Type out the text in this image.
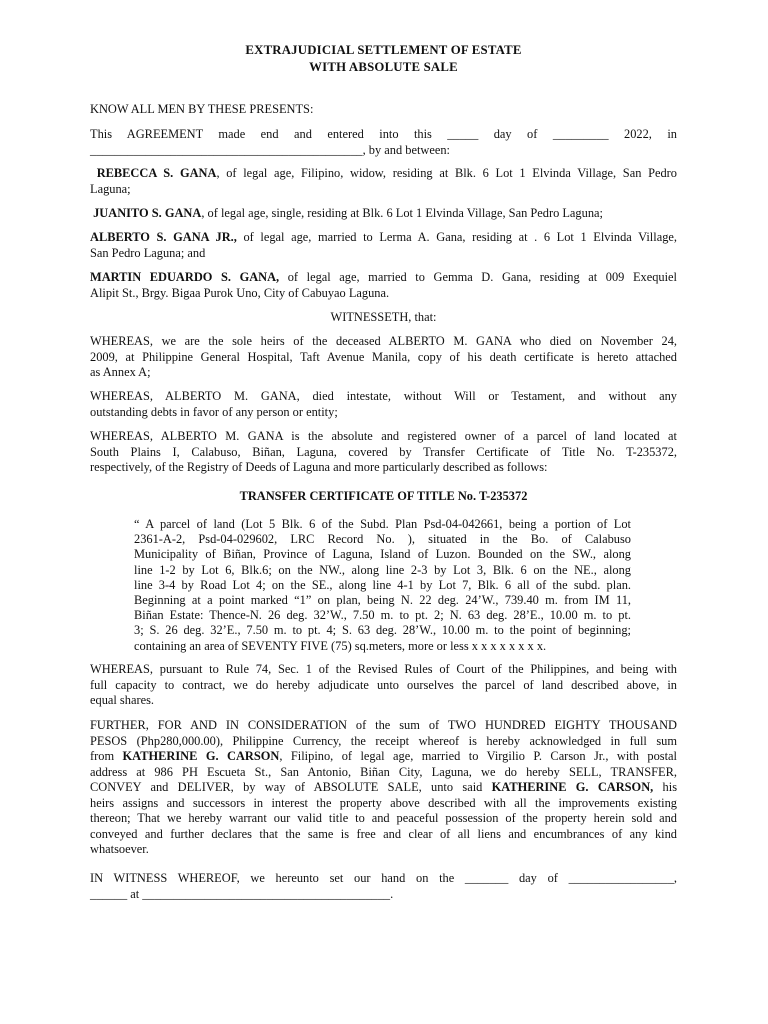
EXTRAJUDICIAL SETTLEMENT OF ESTATE
WITH ABSOLUTE SALE

KNOW ALL MEN BY THESE PRESENTS:

This AGREEMENT made end and entered into this _____ day of _________ 2022, in
____________________________________________, by and between:
REBECCA S. GANA, of legal age, Filipino, widow, residing at Blk. 6 Lot 1 Elvinda Village, San Pedro
Laguna;
JUANITO S. GANA, of legal age, single, residing at Blk. 6 Lot 1 Elvinda Village, San Pedro Laguna;
ALBERTO S. GANA JR., of legal age, married to Lerma A. Gana, residing at . 6 Lot 1 Elvinda Village,
San Pedro Laguna; and
MARTIN EDUARDO S. GANA, of legal age, married to Gemma D. Gana, residing at 009 Exequiel
Alipit St., Brgy. Bigaa Purok Uno, City of Cabuyao Laguna.

WITNESSETH, that:

WHEREAS, we are the sole heirs of the deceased ALBERTO M. GANA who died on November 24,
2009, at Philippine General Hospital, Taft Avenue Manila, copy of his death certificate is hereto attached
as Annex A;
WHEREAS, ALBERTO M. GANA, died intestate, without Will or Testament, and without any
outstanding debts in favor of any person or entity;
WHEREAS, ALBERTO M. GANA is the absolute and registered owner of a parcel of land located at
South Plains I, Calabuso, Biñan, Laguna, covered by Transfer Certificate of Title No. T-235372,
respectively, of the Registry of Deeds of Laguna and more particularly described as follows:

TRANSFER CERTIFICATE OF TITLE No. T-235372

“ A parcel of land (Lot 5 Blk. 6 of the Subd. Plan Psd-04-042661, being a portion of Lot
2361-A-2, Psd-04-029602, LRC Record No. ), situated in the Bo. of Calabuso
Municipality of Biñan, Province of Laguna, Island of Luzon. Bounded on the SW., along
line 1-2 by Lot 6, Blk.6; on the NW., along line 2-3 by Lot 3, Blk. 6 on the NE., along
line 3-4 by Road Lot 4; on the SE., along line 4-1 by Lot 7, Blk. 6 all of the subd. plan.
Beginning at a point marked “1” on plan, being N. 22 deg. 24’W., 739.40 m. from IM 11,
Biñan Estate: Thence-N. 26 deg. 32’W., 7.50 m. to pt. 2; N. 63 deg. 28’E., 10.00 m. to pt.
3; S. 26 deg. 32’E., 7.50 m. to pt. 4; S. 63 deg. 28’W., 10.00 m. to the point of beginning;
containing an area of SEVENTY FIVE (75) sq.meters, more or less x x x x x x x x.
WHEREAS, pursuant to Rule 74, Sec. 1 of the Revised Rules of Court of the Philippines, and being with
full capacity to contract, we do hereby adjudicate unto ourselves the parcel of land described above, in
equal shares.
FURTHER, FOR AND IN CONSIDERATION of the sum of TWO HUNDRED EIGHTY THOUSAND
PESOS (Php280,000.00), Philippine Currency, the receipt whereof is hereby acknowledged in full sum
from KATHERINE G. CARSON, Filipino, of legal age, married to Virgilio P. Carson Jr., with postal
address at 986 PH Escueta St., San Antonio, Biñan City, Laguna, we do hereby SELL, TRANSFER,
CONVEY and DELIVER, by way of ABSOLUTE SALE, unto said KATHERINE G. CARSON, his
heirs assigns and successors in interest the property above described with all the improvements existing
thereon; That we hereby warrant our valid title to and peaceful possession of the property herein sold and
conveyed and further declares that the same is free and clear of all liens and encumbrances of any kind
whatsoever.
IN WITNESS WHEREOF, we hereunto set our hand on the _______ day of _________________,
______ at ________________________________________.
